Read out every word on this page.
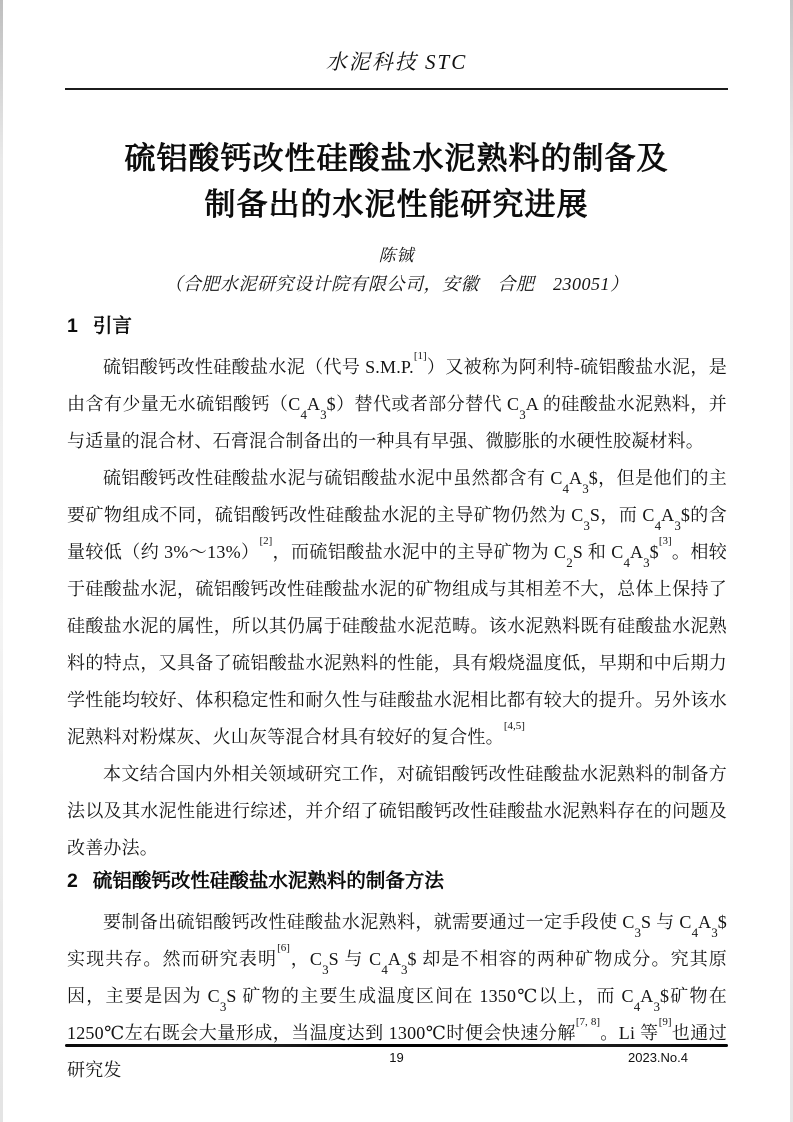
水泥科技 STC
硫铝酸钙改性硅酸盐水泥熟料的制备及
制备出的水泥性能研究进展
陈铖
（合肥水泥研究设计院有限公司，安徽　合肥　230051）
1 引言

硫铝酸钙改性硅酸盐水泥（代号 S.M.P.[1]）又被称为阿利特-硫铝酸盐水泥，是由含有少量无水硫铝酸钙$(C_4A_3\$)$替代或者部分替代 $C_3A$ 的硅酸盐水泥熟料，并与适量的混合材、石膏混合制备出的一种具有早强、微膨胀的水硬性胶凝材料。

硫铝酸钙改性硅酸盐水泥与硫铝酸盐水泥中虽然都含有 $C_4A_3\$$，但是他们的主要矿物组成不同，硫铝酸钙改性硅酸盐水泥的主导矿物仍然为 $C_3S$，而 $C_4A_3\$$的含量较低（约 3%～13%）[2]，而硫铝酸盐水泥中的主导矿物为 $C_2S$ 和 $C_4A_3\$[3]$。相较于硅酸盐水泥，硫铝酸钙改性硅酸盐水泥的矿物组成与其相差不大，总体上保持了硅酸盐水泥的属性，所以其仍属于硅酸盐水泥范畴。该水泥熟料既有硅酸盐水泥熟料的特点，又具备了硫铝酸盐水泥熟料的性能，具有煅烧温度低，早期和中后期力学性能均较好、体积稳定性和耐久性与硅酸盐水泥相比都有较大的提升。另外该水泥熟料对粉煤灰、火山灰等混合材具有较好的复合性。[4,5]

本文结合国内外相关领域研究工作，对硫铝酸钙改性硅酸盐水泥熟料的制备方法以及其水泥性能进行综述，并介绍了硫铝酸钙改性硅酸盐水泥熟料存在的问题及改善办法。

2 硫铝酸钙改性硅酸盐水泥熟料的制备方法

要制备出硫铝酸钙改性硅酸盐水泥熟料，就需要通过一定手段使 $C_3S$ 与 $C_4A_3\$$ 实现共存。然而研究表明[6]，$C_3S$ 与 $C_4A_3\$$ 却是不相容的两种矿物成分。究其原因，主要是因为 $C_3S$ 矿物的主要生成温度区间在 1350℃以上，而 $C_4A_3\$$矿物在 1250℃左右既会大量形成，当温度达到 1300℃时便会快速分解[7, 8]。Li 等[9]也通过研究发

19	2023.No.4
